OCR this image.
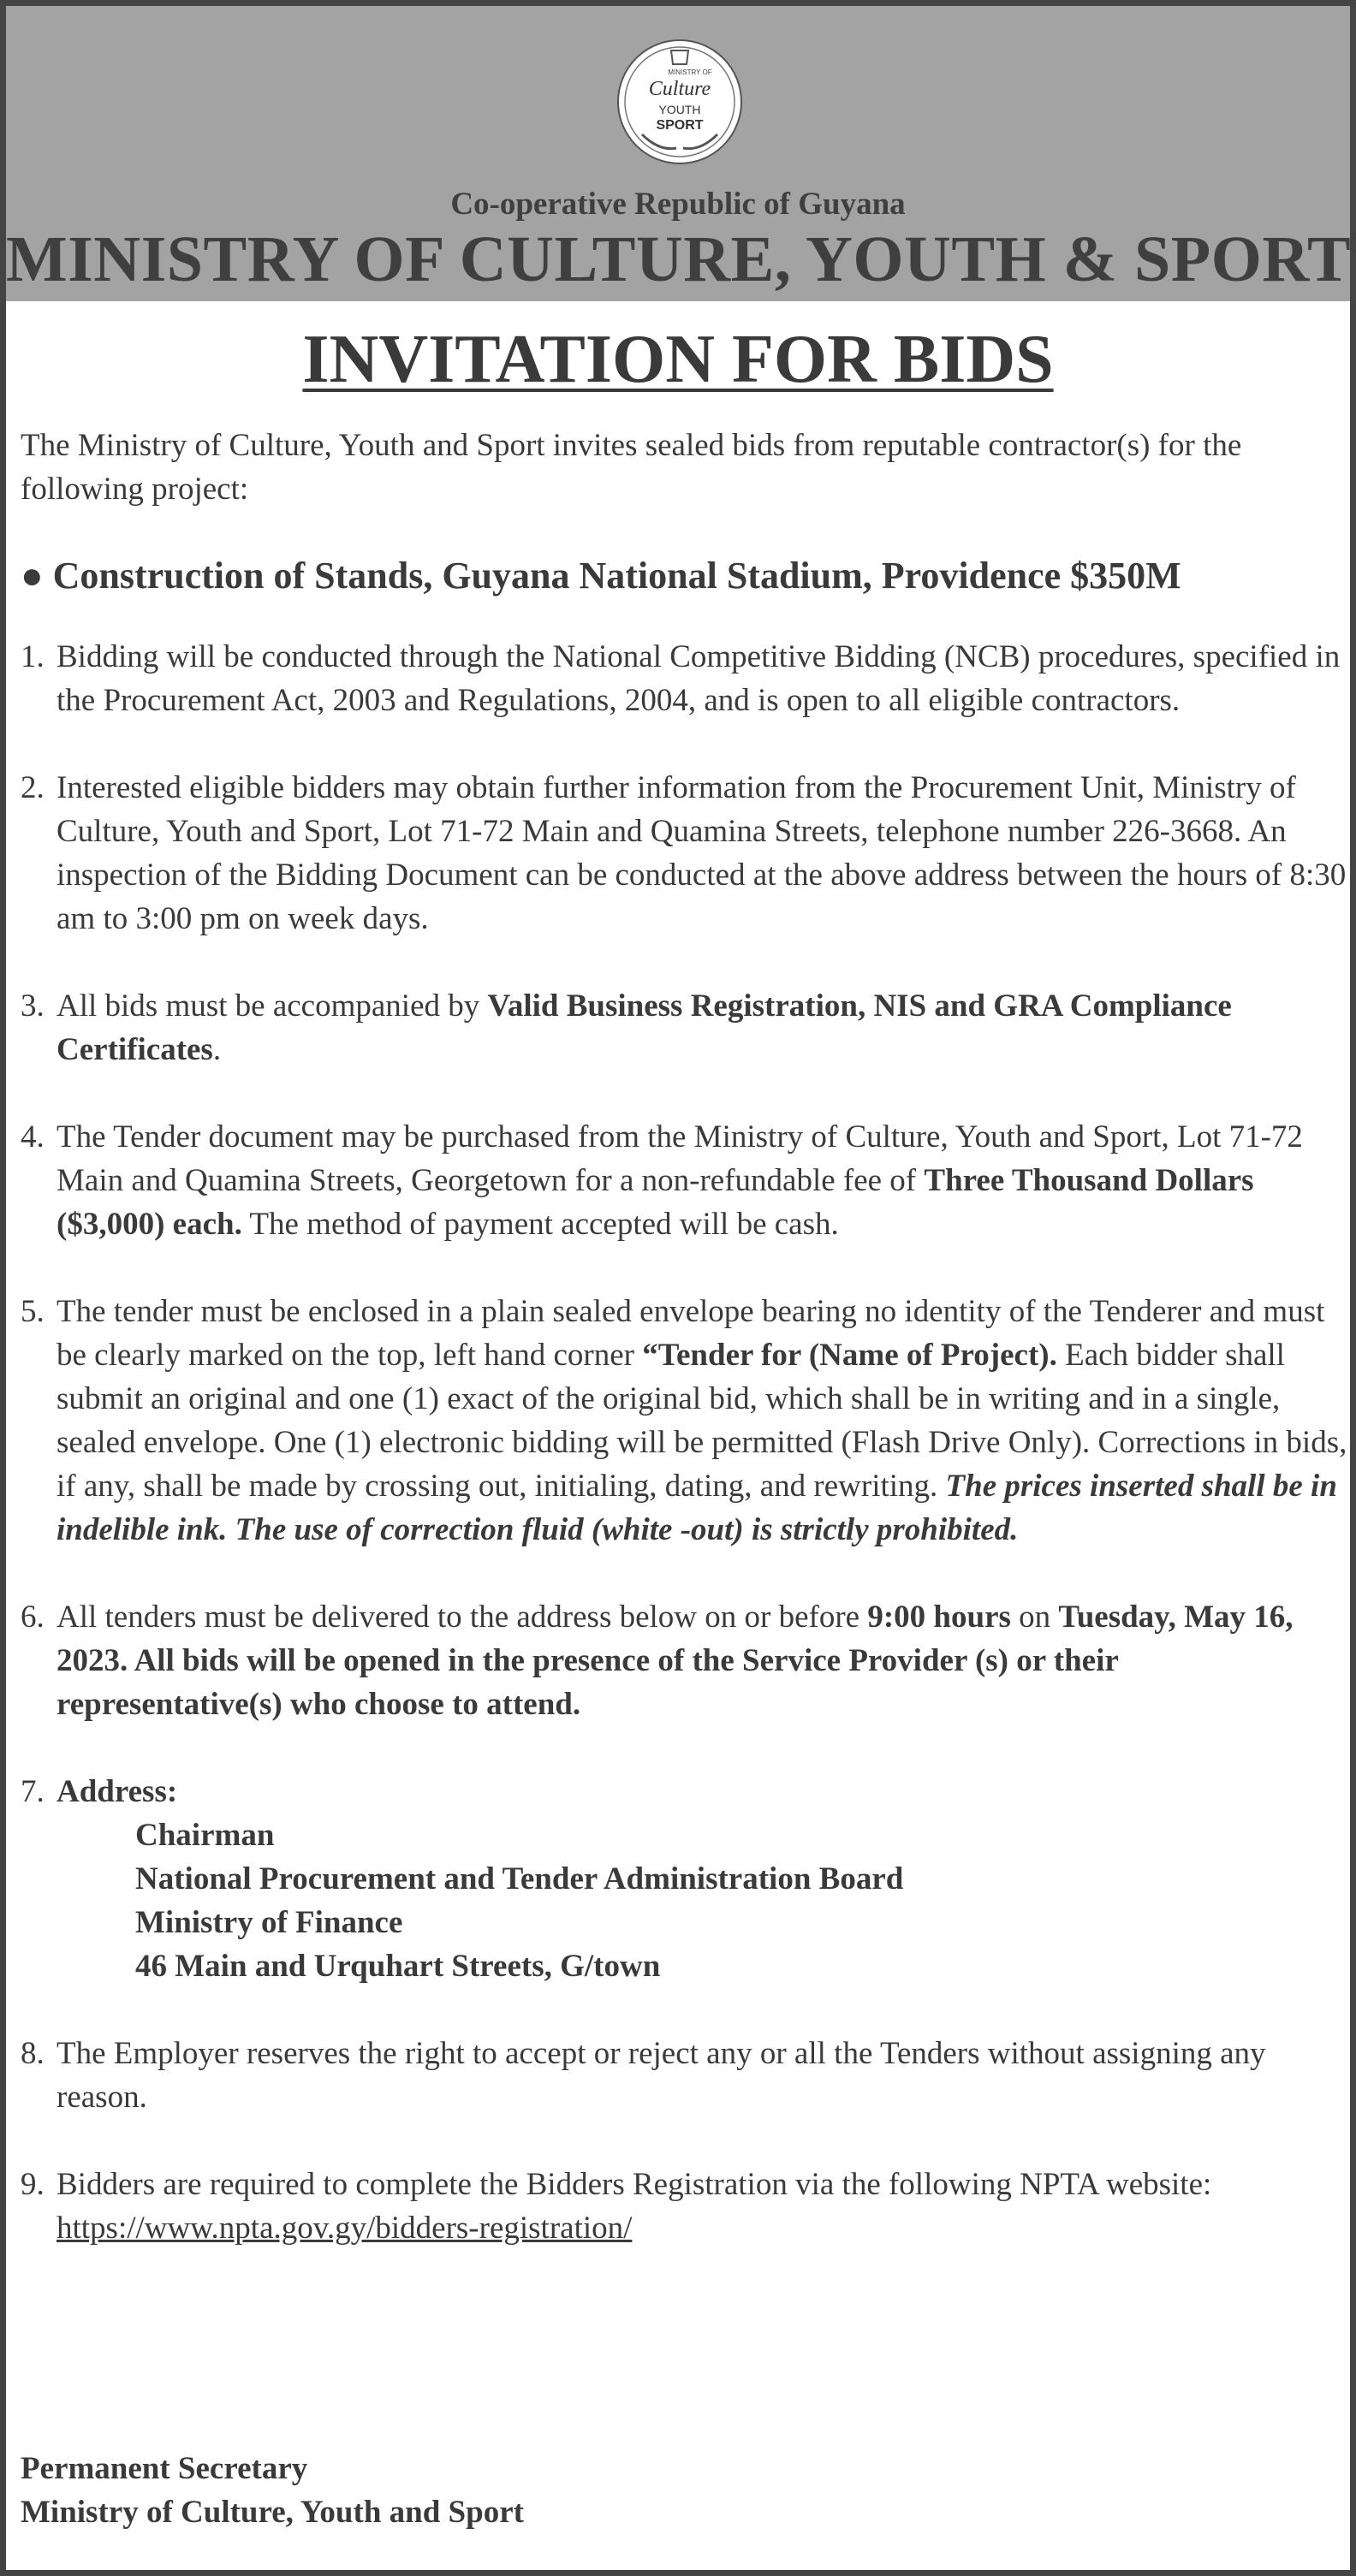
MINISTRY OF
Culture
YOUTH
SPORT
Co-operative Republic of Guyana
MINISTRY OF CULTURE, YOUTH & SPORT
INVITATION FOR BIDS

The Ministry of Culture, Youth and Sport invites sealed bids from reputable contractor(s) for the following project:

● Construction of Stands, Guyana National Stadium, Providence $350M
1. Bidding will be conducted through the National Competitive Bidding (NCB) procedures, specified in the Procurement Act, 2003 and Regulations, 2004, and is open to all eligible contractors.
2. Interested eligible bidders may obtain further information from the Procurement Unit, Ministry of Culture, Youth and Sport, Lot 71-72 Main and Quamina Streets, telephone number 226-3668. An inspection of the Bidding Document can be conducted at the above address between the hours of 8:30 am to 3:00 pm on week days.
3. All bids must be accompanied by Valid Business Registration, NIS and GRA Compliance Certificates.
4. The Tender document may be purchased from the Ministry of Culture, Youth and Sport, Lot 71-72 Main and Quamina Streets, Georgetown for a non-refundable fee of Three Thousand Dollars ($3,000) each. The method of payment accepted will be cash.
5. The tender must be enclosed in a plain sealed envelope bearing no identity of the Tenderer and must be clearly marked on the top, left hand corner “Tender for (Name of Project). Each bidder shall submit an original and one (1) exact of the original bid, which shall be in writing and in a single, sealed envelope. One (1) electronic bidding will be permitted (Flash Drive Only). Corrections in bids, if any, shall be made by crossing out, initialing, dating, and rewriting. The prices inserted shall be in indelible ink. The use of correction fluid (white -out) is strictly prohibited.
6. All tenders must be delivered to the address below on or before 9:00 hours on Tuesday, May 16, 2023. All bids will be opened in the presence of the Service Provider (s) or their representative(s) who choose to attend.
7. Address:
Chairman
National Procurement and Tender Administration Board
Ministry of Finance
46 Main and Urquhart Streets, G/town
8. The Employer reserves the right to accept or reject any or all the Tenders without assigning any reason.
9. Bidders are required to complete the Bidders Registration via the following NPTA website: https://www.npta.gov.gy/bidders-registration/
Permanent Secretary
Ministry of Culture, Youth and Sport
